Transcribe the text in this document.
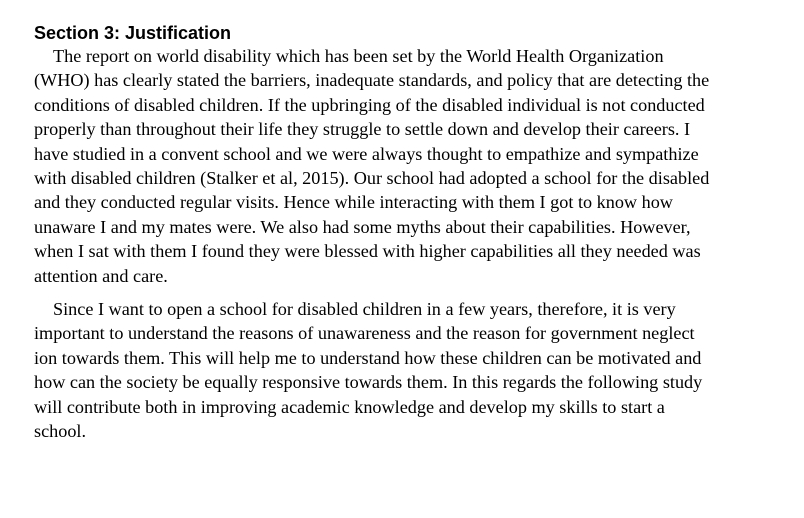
Section 3: Justification
The report on world disability which has been set by the World Health Organization
(WHO) has clearly stated the barriers, inadequate standards, and policy that are detecting the
conditions of disabled children. If the upbringing of the disabled individual is not conducted
properly than throughout their life they struggle to settle down and develop their careers. I
have studied in a convent school and we were always thought to empathize and sympathize
with disabled children (Stalker et al, 2015). Our school had adopted a school for the disabled
and they conducted regular visits. Hence while interacting with them I got to know how
unaware I and my mates were. We also had some myths about their capabilities. However,
when I sat with them I found they were blessed with higher capabilities all they needed was
attention and care.
Since I want to open a school for disabled children in a few years, therefore, it is very
important to understand the reasons of unawareness and the reason for government neglect
ion towards them. This will help me to understand how these children can be motivated and
how can the society be equally responsive towards them. In this regards the following study
will contribute both in improving academic knowledge and develop my skills to start a
school.
